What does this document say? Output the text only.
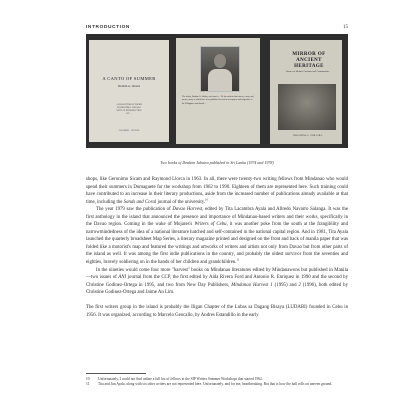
INTRODUCTION	15
A CANTO OF SUMMER
Ibrahim A. Jubaira
A COLLECTION OF POEMS
BY IBRAHIM A. JUBAIRA
WITH AN INTRODUCTION
BY ...
COLOMBO · CEYLON
The author, Ibrahim A. Jubaira, was born in ... He has written short stories, essays and poems, many of which have been published in various newspapers and magazines in the Philippines and abroad ...
MIRROR OF ANCIENT HERITAGE
Stories of Islamic Customs and Communities
IBRAHIM A. JUBAIRA
Two books of Ibrahim Jubaira published in Sri Lanka (1974 and 1978)

shops, like Geronimo Sicam and Raymond Llorca in 1963. In all, there were twenty-two writing fellows from Mindanao who would spend their summers in Dumaguete for the workshop from 1962 to 1990. Eighteen of them are represented here. Such training could have contributed to an increase in their literary productions, aside from the increased number of publications already available at that time, including the Sands and Coral journal of the university.$^{10}$

The year 1979 saw the publication of Davao Harvest, edited by Tita Lacambra Ayala and Allredo Navarro Salanga. It was the first anthology in the island that announced the presence and importance of Mindanao-based writers and their works, specifically in the Davao region. Coming in the wake of Mojares's Writers of Cebu, it was another poke from the south at the frangibility and narrowmindedness of the idea of a national literature hatched and self-contained in the national capital region. And in 1981, Tita Ayala launched the quarterly broadsheet Map Series, a literary magazine printed and designed on the front and back of manila paper that was folded like a motorist's map and featured the writings and artworks of writers and artists not only from Davao but from other parts of the island as well. It was among the first indie publications in the country, and probably the oldest survivor from the seventies and eighties, bravely soldiering on in the hands of her children and grandchildren.$^{11}$

In the nineties would come four more "harvest" books on Mindanao literatures edited by Mindanawons but published in Manila—two issues of ANI journal from the CCP, the first edited by Aida Rivera Ford and Antonio R. Enriquez in 1990 and the second by Christine Godinez-Ortega in 1995, and two from New Day Publishers, Mindanao Harvest 1 (1995) and 2 (1996), both edited by Christine Godinez-Ortega and Jaime An Lim.

The first writers group in the island is probably the Iligan Chapter of the Lubas sa Dagang Bisaya (LUDABI) founded in Cebu in 1956. It was organized, according to Marcelo Geocallo, by Andres Estandillo in the early

10	Unfortunately, I could not find online a full list of fellows at the SIP Writers Summer Workshops that started 1962.
11	Tita and Jun Ayala, along with six other writers are not represented here. Unfortunately, and for me, heartbreaking. But that is how the ball rolls on uneven ground.
